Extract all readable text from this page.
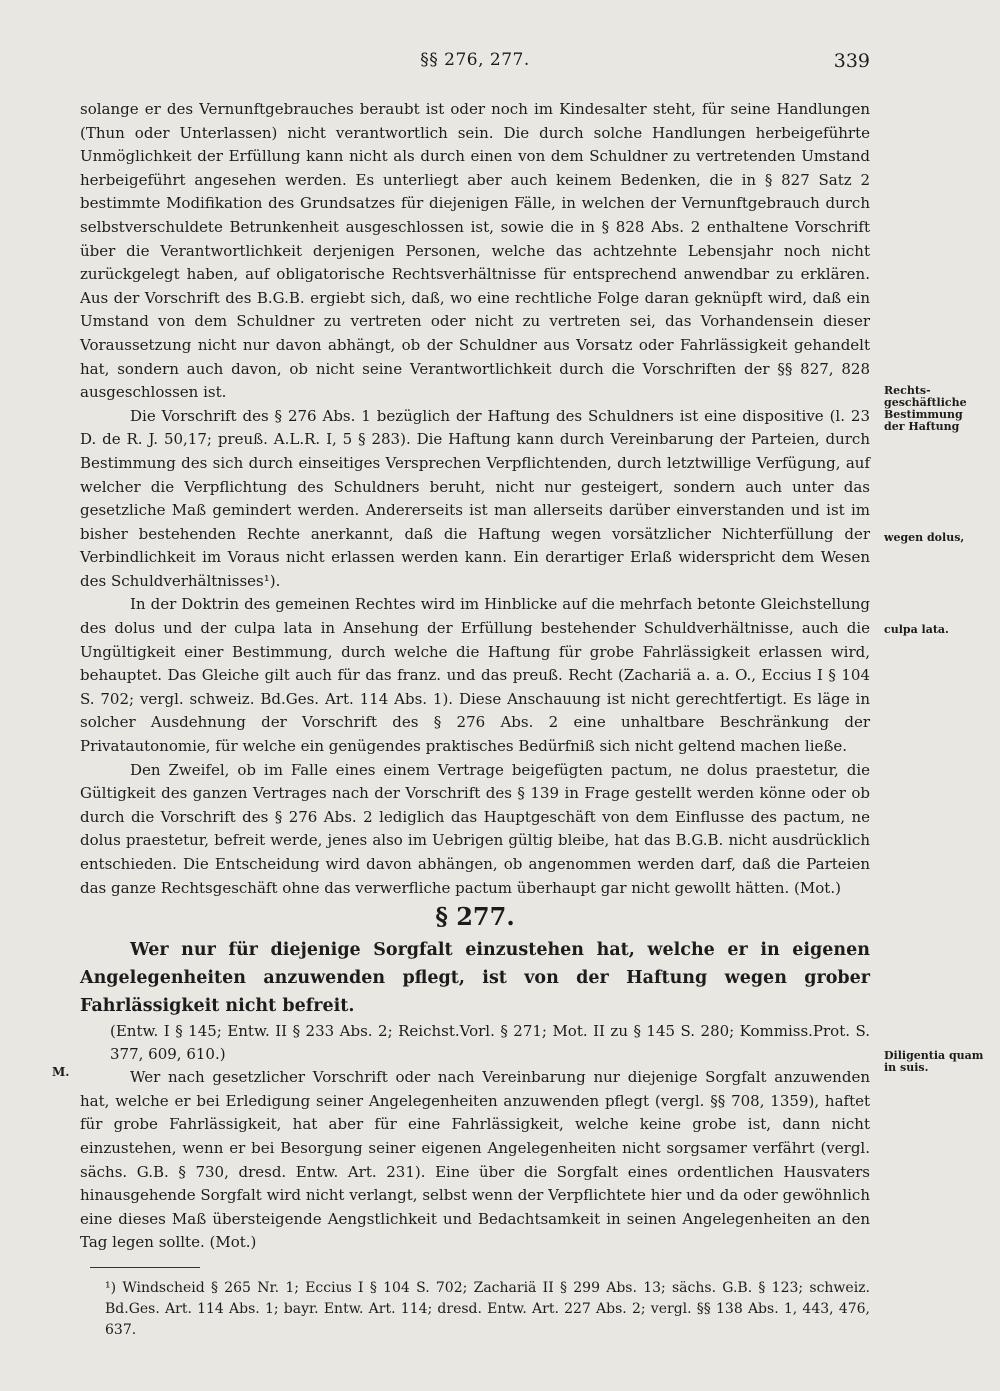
§§ 276, 277.	339

solange er des Vernunftgebrauches beraubt ist oder noch im Kindesalter steht, für seine Handlungen (Thun oder Unterlassen) nicht verantwortlich sein. Die durch solche Handlungen herbeigeführte Unmöglichkeit der Erfüllung kann nicht als durch einen von dem Schuldner zu vertretenden Umstand herbeigeführt angesehen werden. Es unterliegt aber auch keinem Bedenken, die in § 827 Satz 2 bestimmte Modifikation des Grundsatzes für diejenigen Fälle, in welchen der Vernunftgebrauch durch selbstverschuldete Betrunkenheit ausgeschlossen ist, sowie die in § 828 Abs. 2 enthaltene Vorschrift über die Verantwortlichkeit derjenigen Personen, welche das achtzehnte Lebensjahr noch nicht zurückgelegt haben, auf obligatorische Rechtsverhältnisse für entsprechend anwendbar zu erklären. Aus der Vorschrift des B.G.B. ergiebt sich, daß, wo eine rechtliche Folge daran geknüpft wird, daß ein Umstand von dem Schuldner zu vertreten oder nicht zu vertreten sei, das Vorhandensein dieser Voraussetzung nicht nur davon abhängt, ob der Schuldner aus Vorsatz oder Fahrlässigkeit gehandelt hat, sondern auch davon, ob nicht seine Verantwortlichkeit durch die Vorschriften der §§ 827, 828 ausgeschlossen ist.

Die Vorschrift des § 276 Abs. 1 bezüglich der Haftung des Schuldners ist eine dispositive (l. 23 D. de R. J. 50,17; preuß. A.L.R. I, 5 § 283). Die Haftung kann durch Vereinbarung der Parteien, durch Bestimmung des sich durch einseitiges Versprechen Verpflichtenden, durch letztwillige Verfügung, auf welcher die Verpflichtung des Schuldners beruht, nicht nur gesteigert, sondern auch unter das gesetzliche Maß gemindert werden. Andererseits ist man allerseits darüber einverstanden und ist im bisher bestehenden Rechte anerkannt, daß die Haftung wegen vorsätzlicher Nichterfüllung der Verbindlichkeit im Voraus nicht erlassen werden kann. Ein derartiger Erlaß widerspricht dem Wesen des Schuldverhältnisses¹).

In der Doktrin des gemeinen Rechtes wird im Hinblicke auf die mehrfach betonte Gleichstellung des dolus und der culpa lata in Ansehung der Erfüllung bestehender Schuldverhältnisse, auch die Ungültigkeit einer Bestimmung, durch welche die Haftung für grobe Fahrlässigkeit erlassen wird, behauptet. Das Gleiche gilt auch für das franz. und das preuß. Recht (Zachariä a. a. O., Eccius I § 104 S. 702; vergl. schweiz. Bd.Ges. Art. 114 Abs. 1). Diese Anschauung ist nicht gerechtfertigt. Es läge in solcher Ausdehnung der Vorschrift des § 276 Abs. 2 eine unhaltbare Beschränkung der Privatautonomie, für welche ein genügendes praktisches Bedürfniß sich nicht geltend machen ließe.

Den Zweifel, ob im Falle eines einem Vertrage beigefügten pactum, ne dolus praestetur, die Gültigkeit des ganzen Vertrages nach der Vorschrift des § 139 in Frage gestellt werden könne oder ob durch die Vorschrift des § 276 Abs. 2 lediglich das Hauptgeschäft von dem Einflusse des pactum, ne dolus praestetur, befreit werde, jenes also im Uebrigen gültig bleibe, hat das B.G.B. nicht ausdrücklich entschieden. Die Entscheidung wird davon abhängen, ob angenommen werden darf, daß die Parteien das ganze Rechtsgeschäft ohne das verwerfliche pactum überhaupt gar nicht gewollt hätten. (Mot.)

§ 277.

Wer nur für diejenige Sorgfalt einzustehen hat, welche er in eigenen Angelegenheiten anzuwenden pflegt, ist von der Haftung wegen grober Fahrlässigkeit nicht befreit.

(Entw. I § 145; Entw. II § 233 Abs. 2; Reichst.Vorl. § 271; Mot. II zu § 145 S. 280; Kommiss.Prot. S. 377, 609, 610.)

Wer nach gesetzlicher Vorschrift oder nach Vereinbarung nur diejenige Sorgfalt anzuwenden hat, welche er bei Erledigung seiner Angelegenheiten anzuwenden pflegt (vergl. §§ 708, 1359), haftet für grobe Fahrlässigkeit, hat aber für eine Fahrlässigkeit, welche keine grobe ist, dann nicht einzustehen, wenn er bei Besorgung seiner eigenen Angelegenheiten nicht sorgsamer verfährt (vergl. sächs. G.B. § 730, dresd. Entw. Art. 231). Eine über die Sorgfalt eines ordentlichen Hausvaters hinausgehende Sorgfalt wird nicht verlangt, selbst wenn der Verpflichtete hier und da oder gewöhnlich eine dieses Maß übersteigende Aengstlichkeit und Bedachtsamkeit in seinen Angelegenheiten an den Tag legen sollte. (Mot.)

¹) Windscheid § 265 Nr. 1; Eccius I § 104 S. 702; Zachariä II § 299 Abs. 13; sächs. G.B. § 123; schweiz. Bd.Ges. Art. 114 Abs. 1; bayr. Entw. Art. 114; dresd. Entw. Art. 227 Abs. 2; vergl. §§ 138 Abs. 1, 443, 476, 637.

M.
Rechts-geschäftliche Bestimmung der Haftung
wegen dolus,
culpa lata.
Diligentia quam in suis.
